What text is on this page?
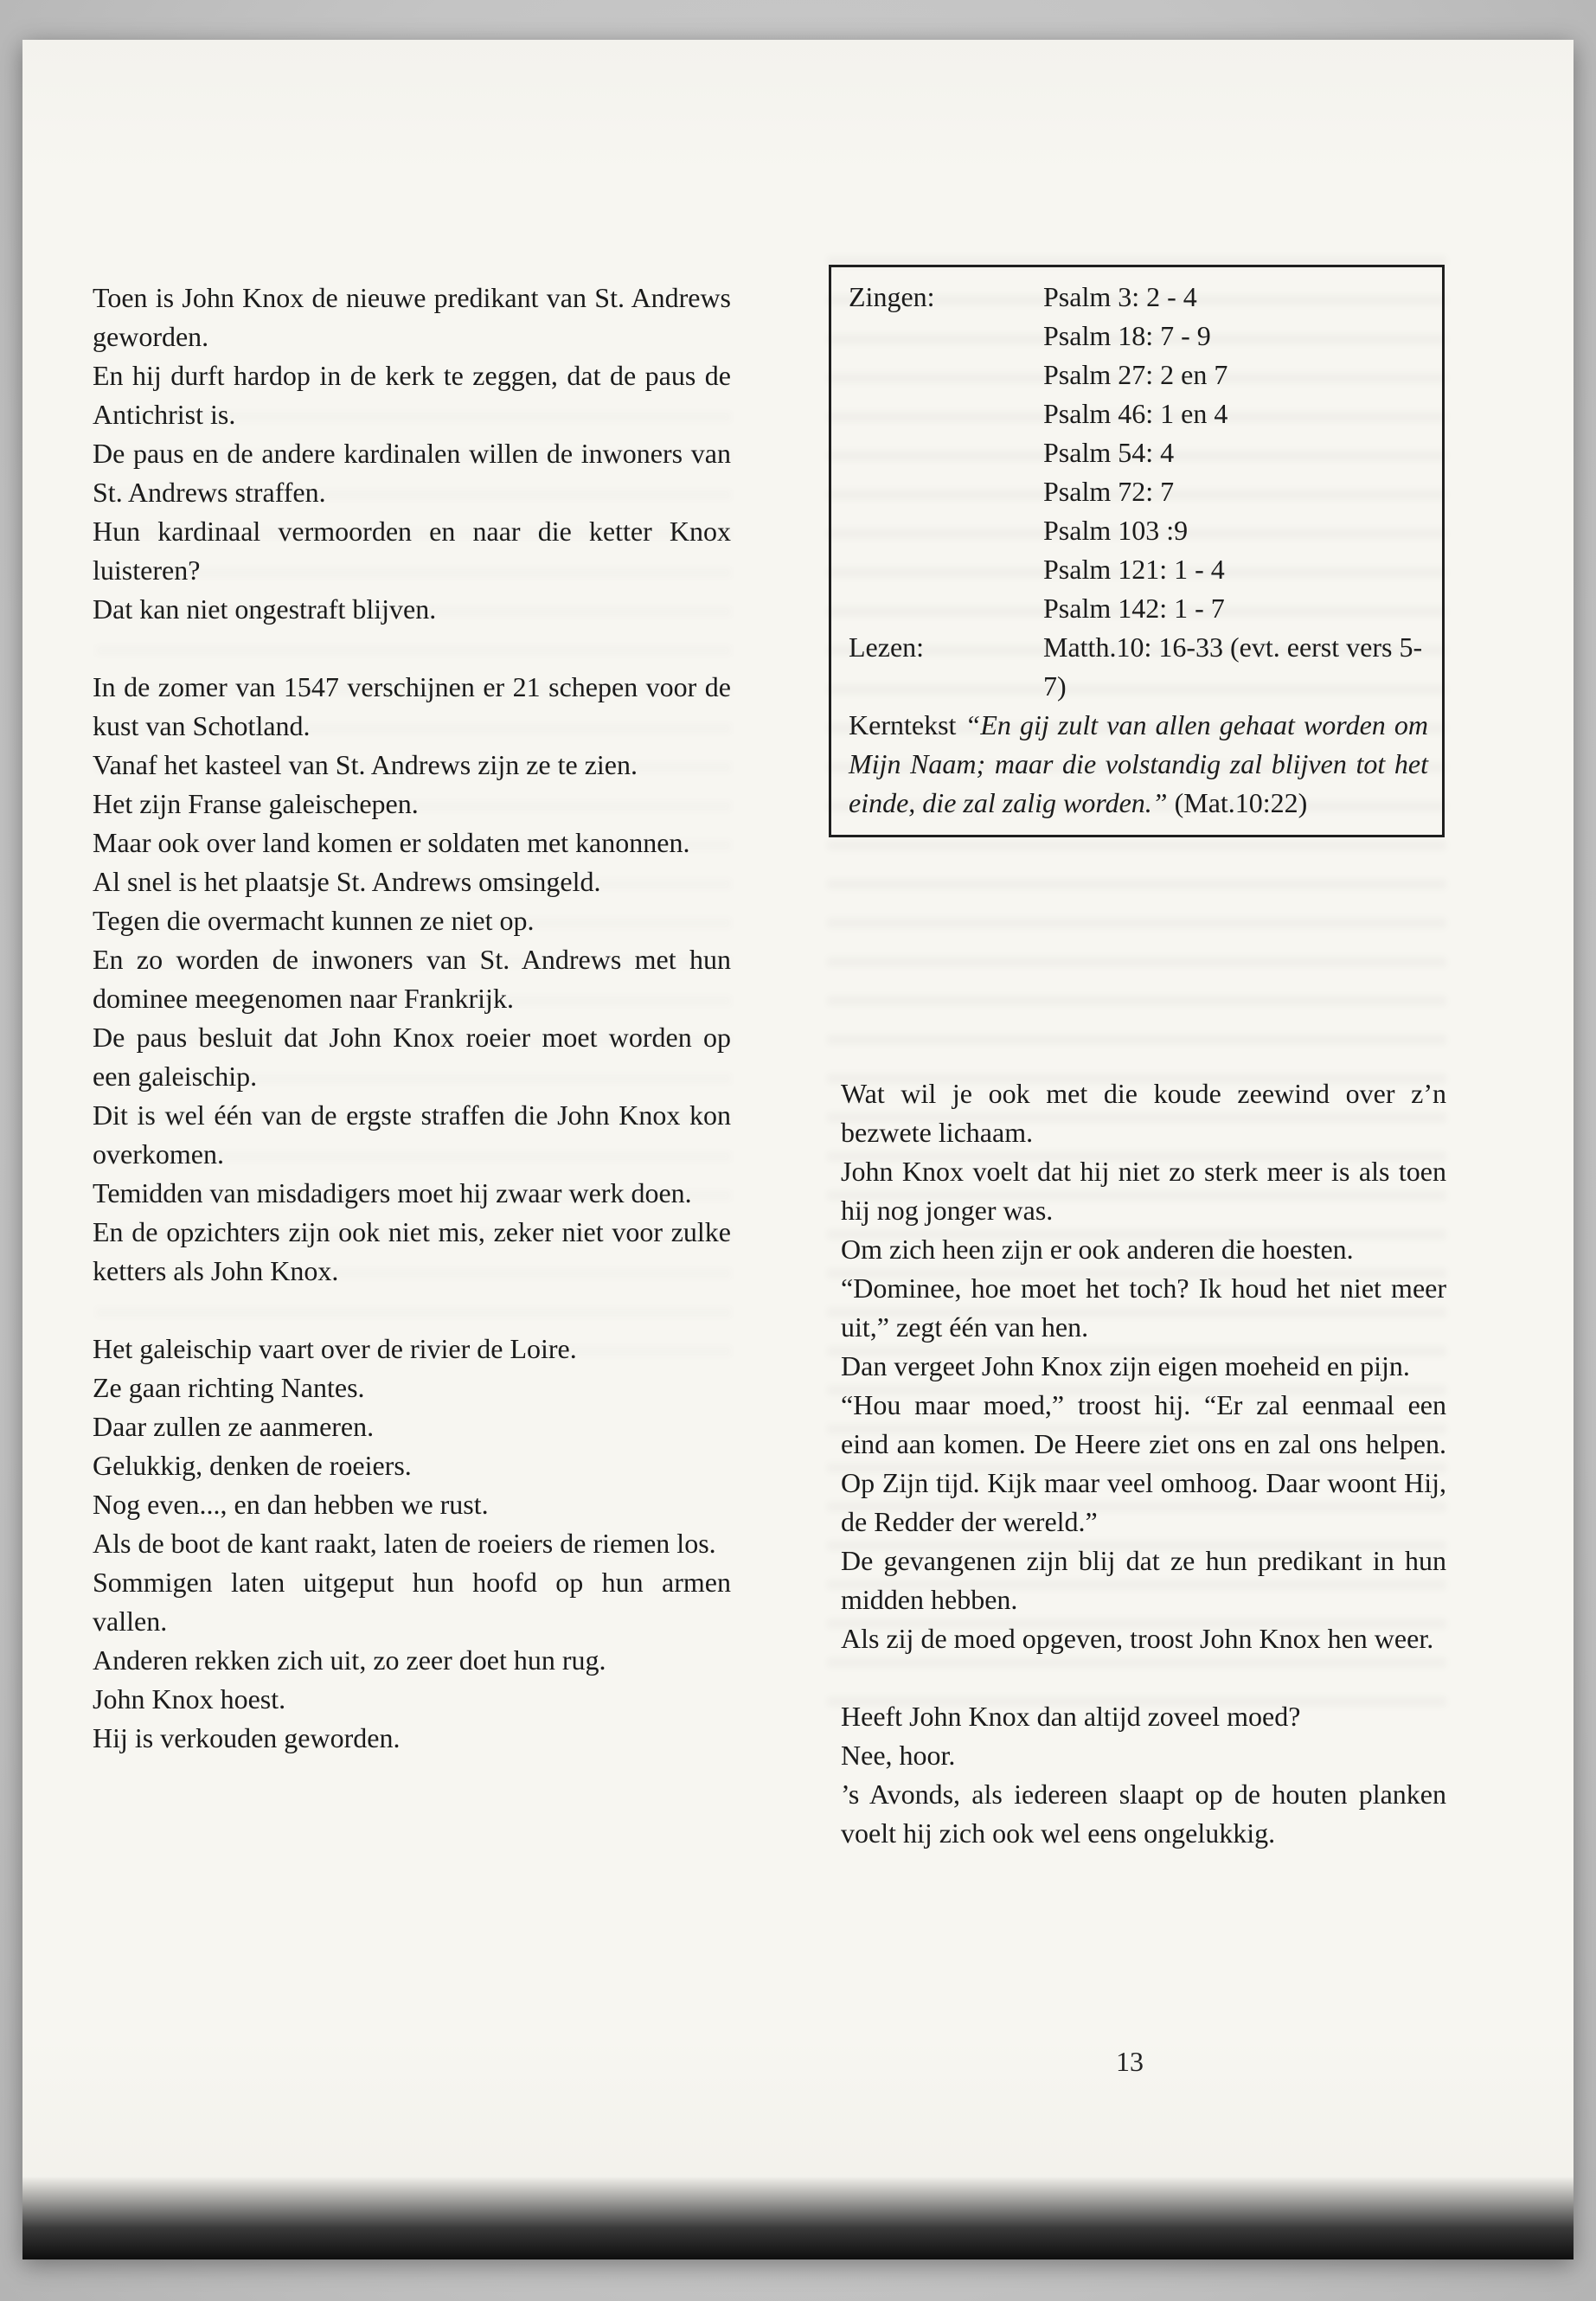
Toen is John Knox de nieuwe predikant van St. Andrews geworden.

En hij durft hardop in de kerk te zeggen, dat de paus de Antichrist is.

De paus en de andere kardinalen willen de inwoners van St. Andrews straffen.

Hun kardinaal vermoorden en naar die ketter Knox luisteren?

Dat kan niet ongestraft blijven.

In de zomer van 1547 verschijnen er 21 schepen voor de kust van Schotland.

Vanaf het kasteel van St. Andrews zijn ze te zien.

Het zijn Franse galeischepen.

Maar ook over land komen er soldaten met kanonnen.

Al snel is het plaatsje St. Andrews omsingeld.

Tegen die overmacht kunnen ze niet op.

En zo worden de inwoners van St. Andrews met hun dominee meegenomen naar Frankrijk.

De paus besluit dat John Knox roeier moet worden op een galeischip.

Dit is wel één van de ergste straffen die John Knox kon overkomen.

Temidden van misdadigers moet hij zwaar werk doen.

En de opzichters zijn ook niet mis, zeker niet voor zulke ketters als John Knox.

Het galeischip vaart over de rivier de Loire.

Ze gaan richting Nantes.

Daar zullen ze aanmeren.

Gelukkig, denken de roeiers.

Nog even..., en dan hebben we rust.

Als de boot de kant raakt, laten de roeiers de riemen los.

Sommigen laten uitgeput hun hoofd op hun armen vallen.

Anderen rekken zich uit, zo zeer doet hun rug.

John Knox hoest.

Hij is verkouden geworden.

Zingen:	Psalm 3: 2 - 4
Psalm 18: 7 - 9
Psalm 27: 2 en 7
Psalm 46: 1 en 4
Psalm 54: 4
Psalm 72: 7
Psalm 103 :9
Psalm 121: 1 - 4
Psalm 142: 1 - 7
Lezen:	Matth.10: 16-33 (evt. eerst vers 5-7)

Kerntekst “En gij zult van allen gehaat worden om Mijn Naam; maar die volstandig zal blijven tot het einde, die zal zalig worden.” (Mat.10:22)

Wat wil je ook met die koude zeewind over z’n bezwete lichaam.

John Knox voelt dat hij niet zo sterk meer is als toen hij nog jonger was.

Om zich heen zijn er ook anderen die hoesten.

“Dominee, hoe moet het toch? Ik houd het niet meer uit,” zegt één van hen.

Dan vergeet John Knox zijn eigen moeheid en pijn.

“Hou maar moed,” troost hij. “Er zal eenmaal een eind aan komen. De Heere ziet ons en zal ons helpen. Op Zijn tijd. Kijk maar veel omhoog. Daar woont Hij, de Redder der wereld.”

De gevangenen zijn blij dat ze hun predikant in hun midden hebben.

Als zij de moed opgeven, troost John Knox hen weer.

Heeft John Knox dan altijd zoveel moed?

Nee, hoor.

’s Avonds, als iedereen slaapt op de houten planken voelt hij zich ook wel eens ongelukkig.

13
